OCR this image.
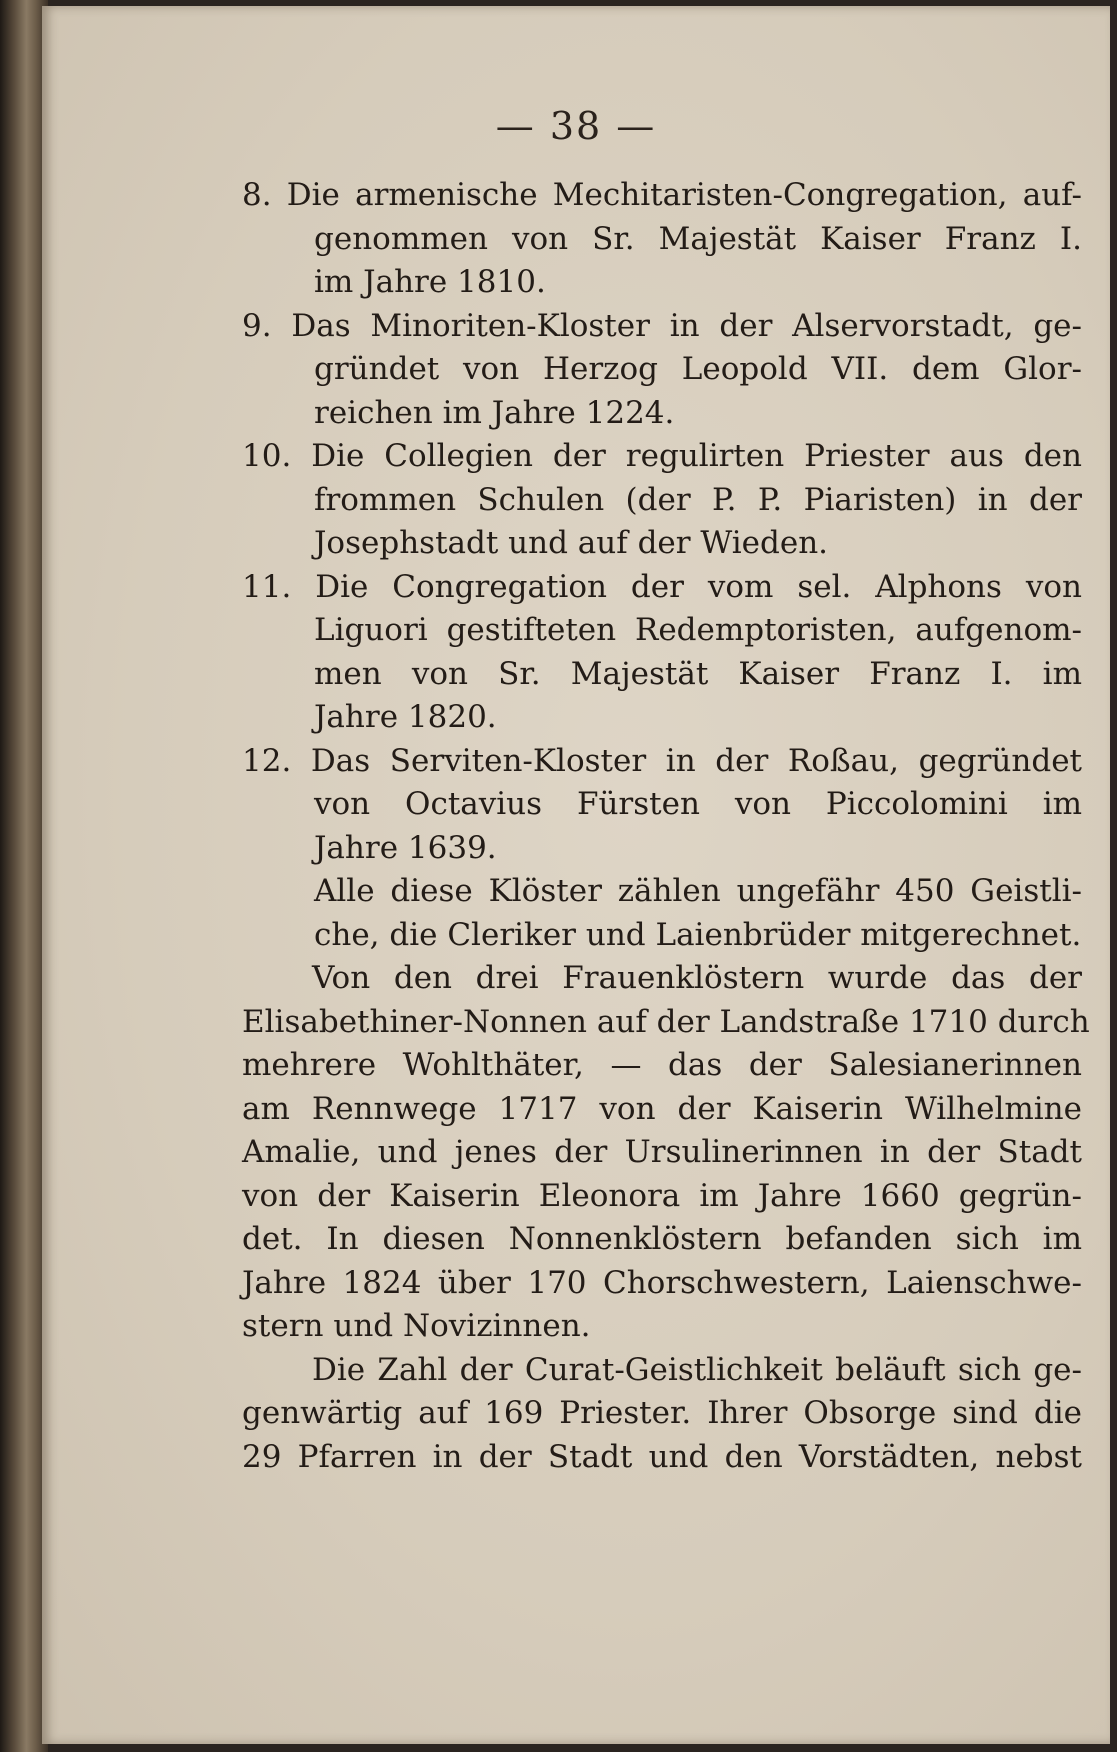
— 38 —
8. Die armenische Mechitaristen-Congregation, auf-
genommen von Sr. Majestät Kaiser Franz I.
im Jahre 1810.
9. Das Minoriten-Kloster in der Alservorstadt, ge-
gründet von Herzog Leopold VII. dem Glor-
reichen im Jahre 1224.
10. Die Collegien der regulirten Priester aus den
frommen Schulen (der P. P. Piaristen) in der
Josephstadt und auf der Wieden.
11. Die Congregation der vom sel. Alphons von
Liguori gestifteten Redemptoristen, aufgenom-
men von Sr. Majestät Kaiser Franz I. im
Jahre 1820.
12. Das Serviten-Kloster in der Roßau, gegründet
von Octavius Fürsten von Piccolomini im
Jahre 1639.
Alle diese Klöster zählen ungefähr 450 Geistli-
che, die Cleriker und Laienbrüder mitgerechnet.
Von den drei Frauenklöstern wurde das der
Elisabethiner-Nonnen auf der Landstraße 1710 durch
mehrere Wohlthäter, — das der Salesianerinnen
am Rennwege 1717 von der Kaiserin Wilhelmine
Amalie, und jenes der Ursulinerinnen in der Stadt
von der Kaiserin Eleonora im Jahre 1660 gegrün-
det. In diesen Nonnenklöstern befanden sich im
Jahre 1824 über 170 Chorschwestern, Laienschwe-
stern und Novizinnen.
Die Zahl der Curat-Geistlichkeit beläuft sich ge-
genwärtig auf 169 Priester. Ihrer Obsorge sind die
29 Pfarren in der Stadt und den Vorstädten, nebst
